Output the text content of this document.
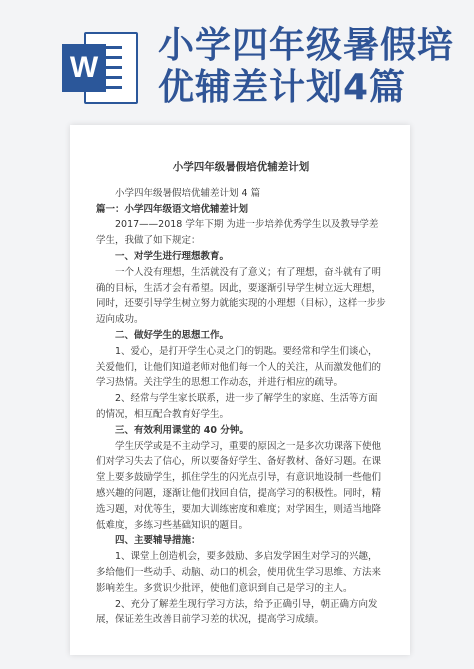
W
小学四年级暑假培
优辅差计划4篇

小学四年级暑假培优辅差计划

小学四年级暑假培优辅差计划 4 篇

篇一：小学四年级语文培优辅差计划

2017——2018 学年下期 为进一步培养优秀学生以及教导学差学生，我做了如下规定：

一、对学生进行理想教育。

一个人没有理想，生活就没有了意义；有了理想，奋斗就有了明确的目标，生活才会有希望。因此，要逐渐引导学生树立远大理想，同时，还要引导学生树立努力就能实现的小理想（目标），这样一步步迈向成功。

二、做好学生的思想工作。

1、爱心，是打开学生心灵之门的钥匙。要经常和学生们谈心，关爱他们，让他们知道老师对他们每一个人的关注，从而激发他们的学习热情。关注学生的思想工作动态，并进行相应的疏导。

2、经常与学生家长联系，进一步了解学生的家庭、生活等方面的情况，相互配合教育好学生。

三、有效利用课堂的 40 分钟。

学生厌学或是不主动学习，重要的原因之一是多次功课落下使他们对学习失去了信心，所以要备好学生、备好教材、备好习题。在课堂上要多鼓励学生，抓住学生的闪光点引导，有意识地设制一些他们感兴趣的问题，逐渐让他们找回自信，提高学习的积极性。同时，精选习题，对优等生，要加大训练密度和难度；对学困生，则适当地降低难度，多练习些基础知识的题目。

四、主要辅导措施：

1、课堂上创造机会，要多鼓励、多启发学困生对学习的兴趣，多给他们一些动手、动脑、动口的机会，使用优生学习思维、方法来影响差生。多赏识少批评，使他们意识到自己是学习的主人。

2、充分了解差生现行学习方法，给予正确引导，朝正确方向发展，保证差生改善目前学习差的状况，提高学习成绩。
